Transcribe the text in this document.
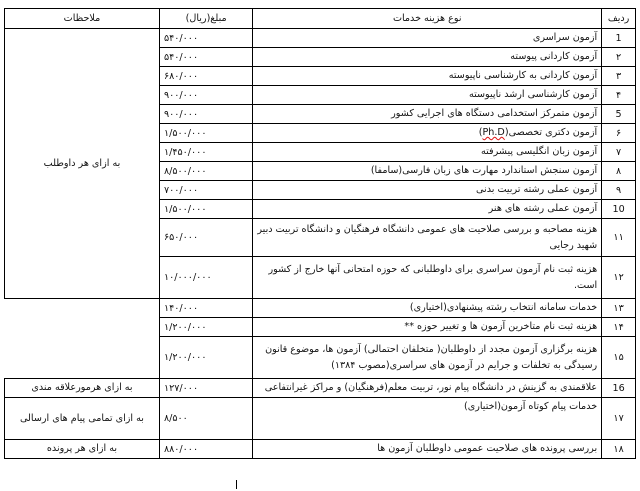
ردیف	نوع هزینه خدمات	مبلغ(ریال)	ملاحظات
1	آزمون سراسری	۵۴۰/۰۰۰	به ازای هر داوطلب
۲	آزمون کاردانی پیوسته	۵۴۰/۰۰۰	
۳	آزمون کاردانی به کارشناسی ناپیوسته	۶۸۰/۰۰۰	
۴	آزمون کارشناسی ارشد ناپیوسته	۹۰۰/۰۰۰	
5	آزمون متمرکز استخدامی دستگاه های اجرایی کشور	۹۰۰/۰۰۰	
۶	آزمون دکتری تخصصی(Ph.D)	۱/۵۰۰/۰۰۰	
۷	آزمون زبان انگلیسی پیشرفته	۱/۴۵۰/۰۰۰	
۸	آزمون سنجش استاندارد مهارت های زبان فارسی(سامفا)	۸/۵۰۰/۰۰۰	
۹	آزمون عملی رشته تربیت بدنی	۷۰۰/۰۰۰	
10	آزمون عملی رشته های هنر	۱/۵۰۰/۰۰۰	
۱۱	هزینه مصاحبه و بررسی صلاحیت های عمومی دانشگاه فرهنگیان و دانشگاه تربیت دبیر شهید رجایی	۶۵۰/۰۰۰	
۱۲	هزینه ثبت نام آزمون سراسری برای داوطلبانی که حوزه امتحانی آنها خارج از کشور است.	۱۰/۰۰۰/۰۰۰	
۱۳	خدمات سامانه انتخاب رشته پیشنهادی(اختیاری)	۱۴۰/۰۰۰	
۱۴	هزینه ثبت نام متاخرین آزمون ها و تغییر حوزه **	۱/۲۰۰/۰۰۰	
۱۵	هزینه برگزاری آزمون مجدد از داوطلبان( متخلفان احتمالی) آزمون ها، موضوع قانون رسیدگی به تخلفات و جرایم در آزمون های سراسری(مصوب ۱۳۸۴)	۱/۲۰۰/۰۰۰	
16	علاقمندی به گزینش در دانشگاه پیام نور، تربیت معلم(فرهنگیان) و مراکز غیرانتفاعی	۱۲۷/۰۰۰	به ازای هرمورعلاقه مندی
۱۷	خدمات پیام کوتاه آزمون(اختیاری)	۸/۵۰۰	به ازای تمامی پیام های ارسالی
۱۸	بررسی پرونده های صلاحیت عمومی داوطلبان آزمون ها	۸۸۰/۰۰۰	به ازای هر پرونده
